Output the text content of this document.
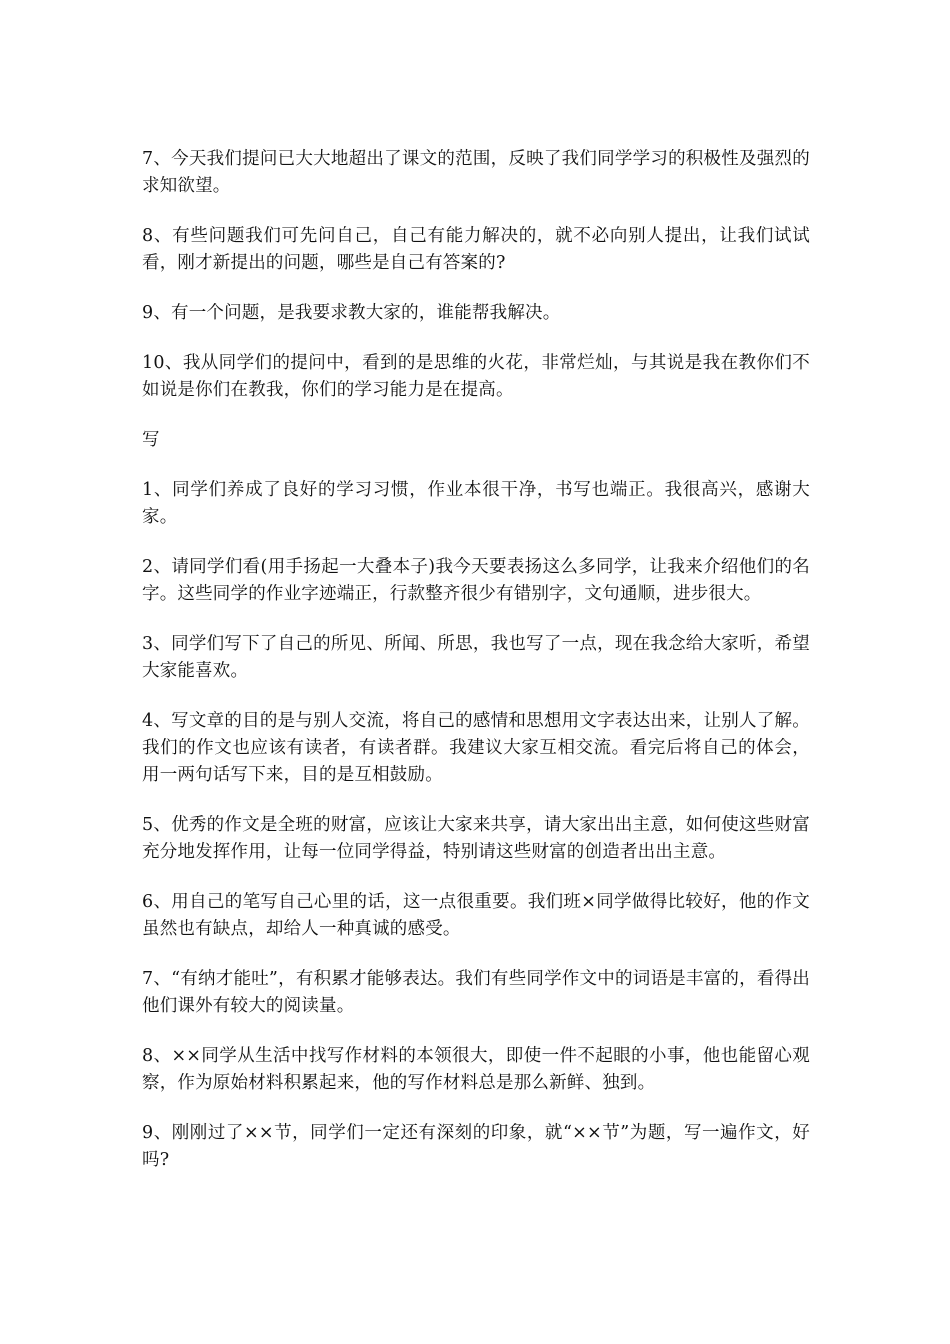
7、今天我们提问已大大地超出了课文的范围，反映了我们同学学习的积极性及强烈的求知欲望。

8、有些问题我们可先问自己，自己有能力解决的，就不必向别人提出，让我们试试看，刚才新提出的问题，哪些是自己有答案的?

9、有一个问题，是我要求教大家的，谁能帮我解决。

10、我从同学们的提问中，看到的是思维的火花，非常烂灿，与其说是我在教你们不如说是你们在教我，你们的学习能力是在提高。

写

1、同学们养成了良好的学习习惯，作业本很干净，书写也端正。我很高兴，感谢大家。

2、请同学们看(用手扬起一大叠本子)我今天要表扬这么多同学，让我来介绍他们的名字。这些同学的作业字迹端正，行款整齐很少有错别字，文句通顺，进步很大。

3、同学们写下了自己的所见、所闻、所思，我也写了一点，现在我念给大家听，希望大家能喜欢。

4、写文章的目的是与别人交流，将自己的感情和思想用文字表达出来，让别人了解。我们的作文也应该有读者，有读者群。我建议大家互相交流。看完后将自己的体会，用一两句话写下来，目的是互相鼓励。

5、优秀的作文是全班的财富，应该让大家来共享，请大家出出主意，如何使这些财富充分地发挥作用，让每一位同学得益，特别请这些财富的创造者出出主意。

6、用自己的笔写自己心里的话，这一点很重要。我们班×同学做得比较好，他的作文虽然也有缺点，却给人一种真诚的感受。

7、“有纳才能吐”，有积累才能够表达。我们有些同学作文中的词语是丰富的，看得出他们课外有较大的阅读量。

8、××同学从生活中找写作材料的本领很大，即使一件不起眼的小事，他也能留心观察，作为原始材料积累起来，他的写作材料总是那么新鲜、独到。

9、刚刚过了××节，同学们一定还有深刻的印象，就“××节”为题，写一遍作文，好吗?
